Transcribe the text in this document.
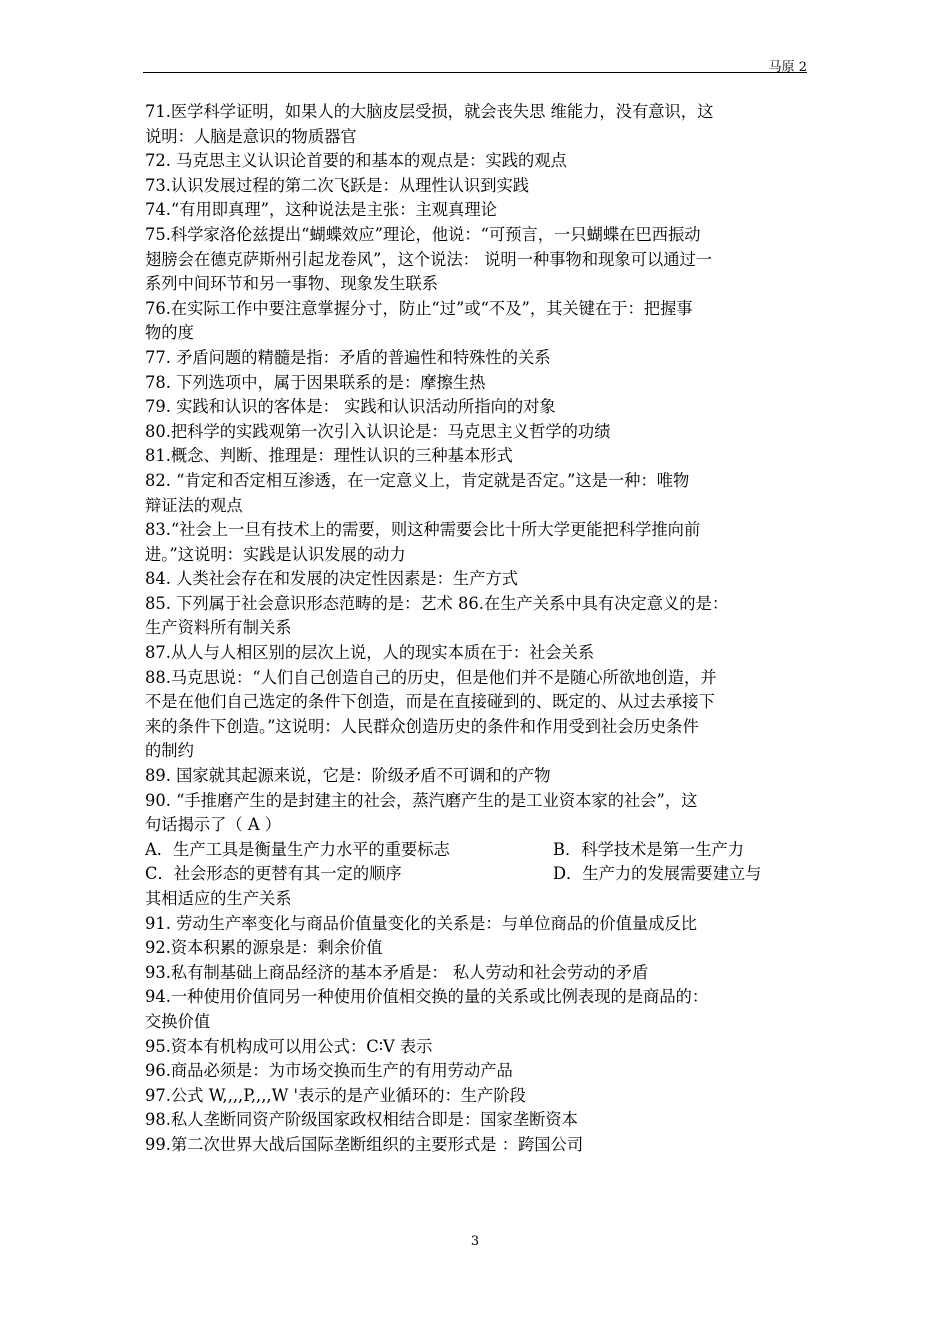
马原 2
71.医学科学证明，如果人的大脑皮层受损，就会丧失思 维能力，没有意识，这
说明：人脑是意识的物质器官
72. 马克思主义认识论首要的和基本的观点是：实践的观点
73.认识发展过程的第二次飞跃是：从理性认识到实践
74.“有用即真理”，这种说法是主张：主观真理论
75.科学家洛伦兹提出“蝴蝶效应”理论，他说：“可预言，一只蝴蝶在巴西振动
翅膀会在德克萨斯州引起龙卷风”，这个说法： 说明一种事物和现象可以通过一
系列中间环节和另一事物、现象发生联系
76.在实际工作中要注意掌握分寸，防止“过”或“不及”，其关键在于：把握事
物的度
77. 矛盾问题的精髓是指：矛盾的普遍性和特殊性的关系
78. 下列选项中，属于因果联系的是：摩擦生热
79. 实践和认识的客体是： 实践和认识活动所指向的对象
80.把科学的实践观第一次引入认识论是：马克思主义哲学的功绩
81.概念、判断、推理是：理性认识的三种基本形式
82. “肯定和否定相互渗透，在一定意义上，肯定就是否定。”这是一种：唯物
辩证法的观点
83.“社会上一旦有技术上的需要，则这种需要会比十所大学更能把科学推向前
进。”这说明：实践是认识发展的动力
84. 人类社会存在和发展的决定性因素是：生产方式
85. 下列属于社会意识形态范畴的是：艺术 86.在生产关系中具有决定意义的是：
生产资料所有制关系
87.从人与人相区别的层次上说，人的现实本质在于：社会关系
88.马克思说：“人们自己创造自己的历史，但是他们并不是随心所欲地创造，并
不是在他们自己选定的条件下创造，而是在直接碰到的、既定的、从过去承接下
来的条件下创造。”这说明：人民群众创造历史的条件和作用受到社会历史条件
的制约
89. 国家就其起源来说，它是：阶级矛盾不可调和的产物
90. “手推磨产生的是封建主的社会，蒸汽磨产生的是工业资本家的社会”，这
句话揭示了（ A ）
A．生产工具是衡量生产力水平的重要标志	B．科学技术是第一生产力
C．社会形态的更替有其一定的顺序	D．生产力的发展需要建立与
其相适应的生产关系
91. 劳动生产率变化与商品价值量变化的关系是：与单位商品的价值量成反比
92.资本积累的源泉是：剩余价值
93.私有制基础上商品经济的基本矛盾是： 私人劳动和社会劳动的矛盾
94.一种使用价值同另一种使用价值相交换的量的关系或比例表现的是商品的：
交换价值
95.资本有机构成可以用公式：C∶V 表示
96.商品必须是：为市场交换而生产的有用劳动产品
97.公式 W,,,,P,,,,W '表示的是产业循环的：生产阶段
98.私人垄断同资产阶级国家政权相结合即是：国家垄断资本
99.第二次世界大战后国际垄断组织的主要形式是 ：跨国公司
3
